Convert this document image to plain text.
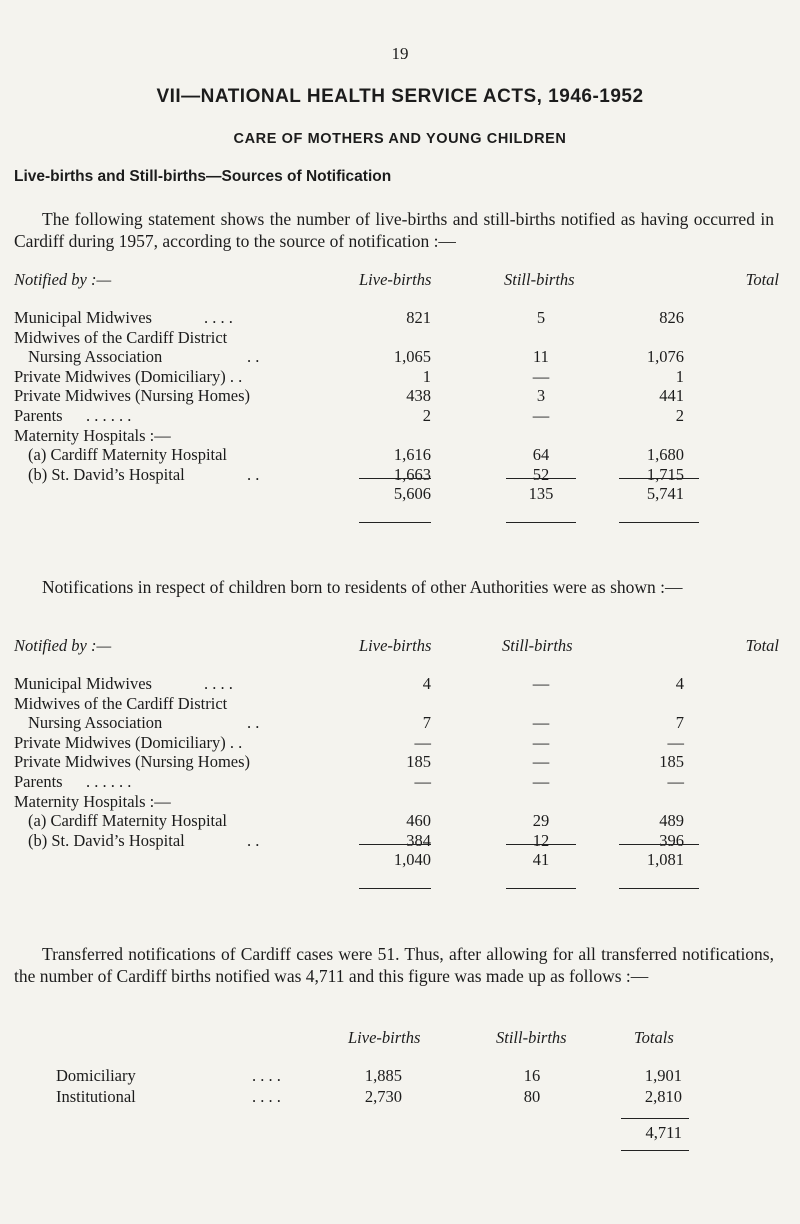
19
VII—NATIONAL HEALTH SERVICE ACTS, 1946-1952
CARE OF MOTHERS AND YOUNG CHILDREN
Live-births and Still-births—Sources of Notification
The following statement shows the number of live-births and still-births notified as having occurred in Cardiff during 1957, according to the source of notification :—
Notified by :—	Live-births	Still-births	Total
Municipal Midwives	. . . .	821	5	826
Midwives of the Cardiff District
Nursing Association	. .	1,065	11	1,076
Private Midwives (Domiciliary) . .	1	—	1
Private Midwives (Nursing Homes)	438	3	441
Parents . . . . . .	2	—	2
Maternity Hospitals :—
(a) Cardiff Maternity Hospital	1,616	64	1,680
(b) St. David’s Hospital	. .	1,663	52	1,715
5,606	135	5,741
Notifications in respect of children born to residents of other Authorities were as shown :—
Notified by :—	Live-births	Still-births	Total
Municipal Midwives	. . . .	4	—	4
Midwives of the Cardiff District
Nursing Association	. .	7	—	7
Private Midwives (Domiciliary) . .	—	—	—
Private Midwives (Nursing Homes)	185	—	185
Parents . . . . . .	—	—	—
Maternity Hospitals :—
(a) Cardiff Maternity Hospital	460	29	489
(b) St. David’s Hospital	. .	384	12	396
1,040	41	1,081
Transferred notifications of Cardiff cases were 51. Thus, after allowing for all transferred notifications, the number of Cardiff births notified was 4,711 and this figure was made up as follows :—
Live-births	Still-births	Totals
Domiciliary	. . . .	1,885	16	1,901
Institutional	. . . .	2,730	80	2,810
4,711
